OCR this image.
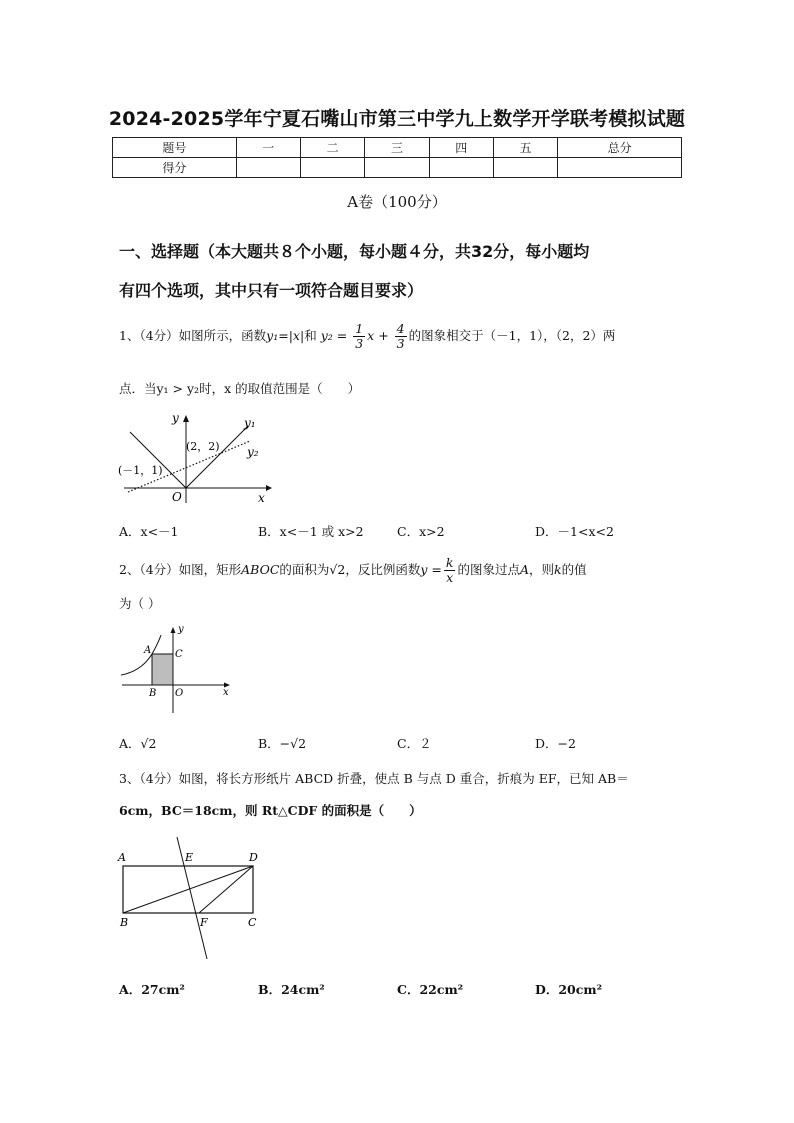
2024-2025学年宁夏石嘴山市第三中学九上数学开学联考模拟试题
题号	一	二	三	四	五	总分
得分						
A卷（100分）
一、选择题（本大题共８个小题，每小题４分，共32分，每小题均
有四个选项，其中只有一项符合题目要求）
1、（4分）如图所示，函数y₁=|x|和 $y_2 = \frac{1}{3}$ $x + \frac{4}{3}$ 的图象相交于（－1，1），（2，2）两
点．当y₁ > y₂时，x 的取值范围是（　　）
y	y₁
y₂
(2，2)
(－1，1)
O	x
A．x<－1	B．x<－1 或 x>2	C．x>2	D．－1<x<2
2、（4分）如图，矩形ABOC的面积为√2，反比例函数$y = \frac{k}{x}$ 的图象过点A，则k的值
为（ ）
y
A C
B O	x
A．√2	B．−√2	C．２	D．−2
3、（4分）如图，将长方形纸片 ABCD 折叠，使点 B 与点 D 重合，折痕为 EF，已知 AB＝
6cm，BC＝18cm，则 Rt△CDF 的面积是（　　）
A	E	D
B	F	C
A．27cm²	B．24cm²	C．22cm²	D．20cm²
